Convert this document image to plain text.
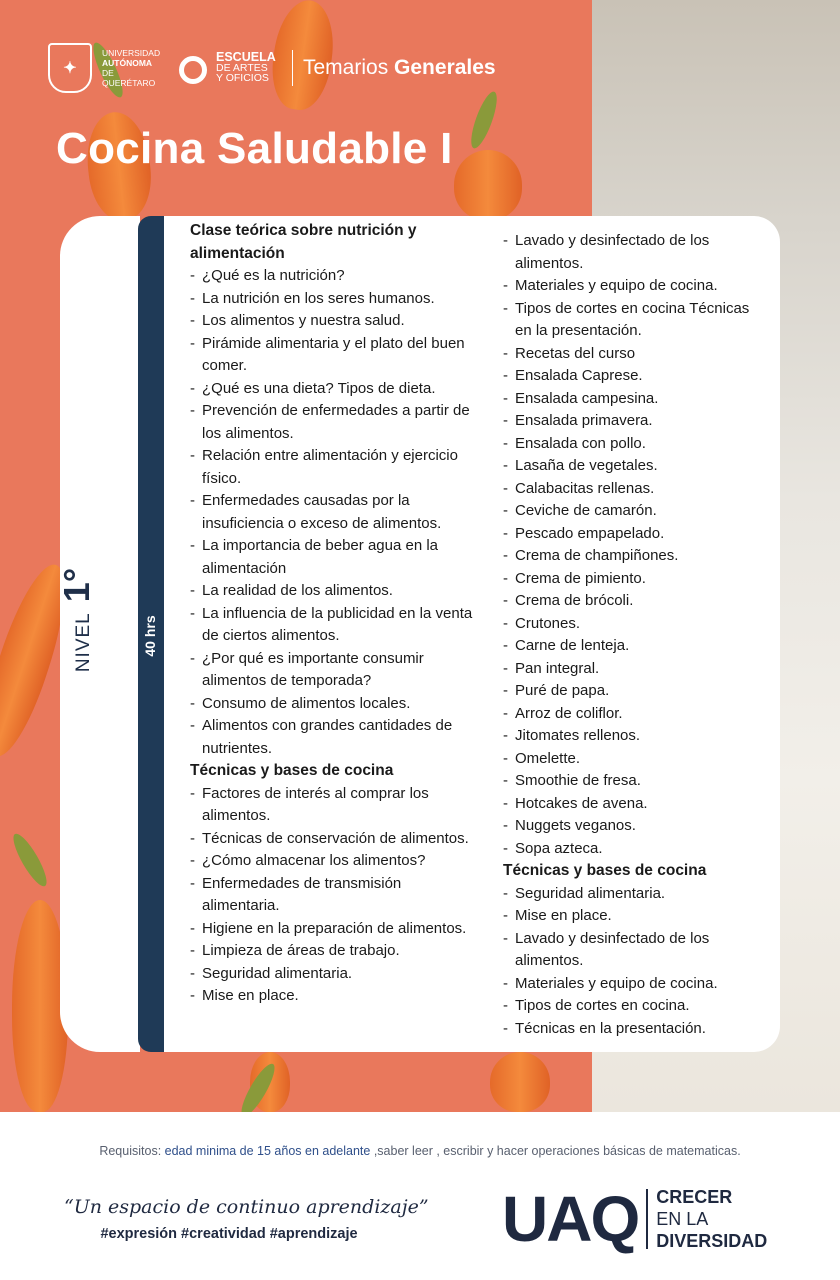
✦
UNIVERSIDAD
AUTÓNOMA
DE QUERÉTARO
ESCUELA
DE ARTES
Y OFICIOS	Temarios Generales
Cocina Saludable I
NIVEL
1°
40 hrs
Clase teórica sobre nutrición y alimentación
- ¿Qué es la nutrición?
- La nutrición en los seres humanos.
- Los alimentos y nuestra salud.
- Pirámide alimentaria y el plato del buen comer.
- ¿Qué es una dieta? Tipos de dieta.
- Prevención de enfermedades a partir de los alimentos.
- Relación entre alimentación y ejercicio físico.
- Enfermedades causadas por la insuficiencia o exceso de alimentos.
- La importancia de beber agua en la alimentación
- La realidad de los alimentos.
- La influencia de la publicidad en la venta de ciertos alimentos.
- ¿Por qué es importante consumir alimentos de temporada?
- Consumo de alimentos locales.
- Alimentos con grandes cantidades de nutrientes.
Técnicas y bases de cocina
- Factores de interés al comprar los alimentos.
- Técnicas de conservación de alimentos.
- ¿Cómo almacenar los alimentos?
- Enfermedades de transmisión alimentaria.
- Higiene en la preparación de alimentos.
- Limpieza de áreas de trabajo.
- Seguridad alimentaria.
- Mise en place.
- Lavado y desinfectado de los alimentos.
- Materiales y equipo de cocina.
- Tipos de cortes en cocina Técnicas en la presentación.
- Recetas del curso
- Ensalada Caprese.
- Ensalada campesina.
- Ensalada primavera.
- Ensalada con pollo.
- Lasaña de vegetales.
- Calabacitas rellenas.
- Ceviche de camarón.
- Pescado empapelado.
- Crema de champiñones.
- Crema de pimiento.
- Crema de brócoli.
- Crutones.
- Carne de lenteja.
- Pan integral.
- Puré de papa.
- Arroz de coliflor.
- Jitomates rellenos.
- Omelette.
- Smoothie de fresa.
- Hotcakes de avena.
- Nuggets veganos.
- Sopa azteca.
Técnicas y bases de cocina
- Seguridad alimentaria.
- Mise en place.
- Lavado y desinfectado de los alimentos.
- Materiales y equipo de cocina.
- Tipos de cortes en cocina.
- Técnicas en la presentación.
Requisitos: edad minima de 15 años en adelante ,saber leer , escribir y hacer operaciones básicas de matematicas.
“Un espacio de continuo aprendizaje”
#expresión #creatividad #aprendizaje	UAQ CRECER
EN LA
DIVERSIDAD
